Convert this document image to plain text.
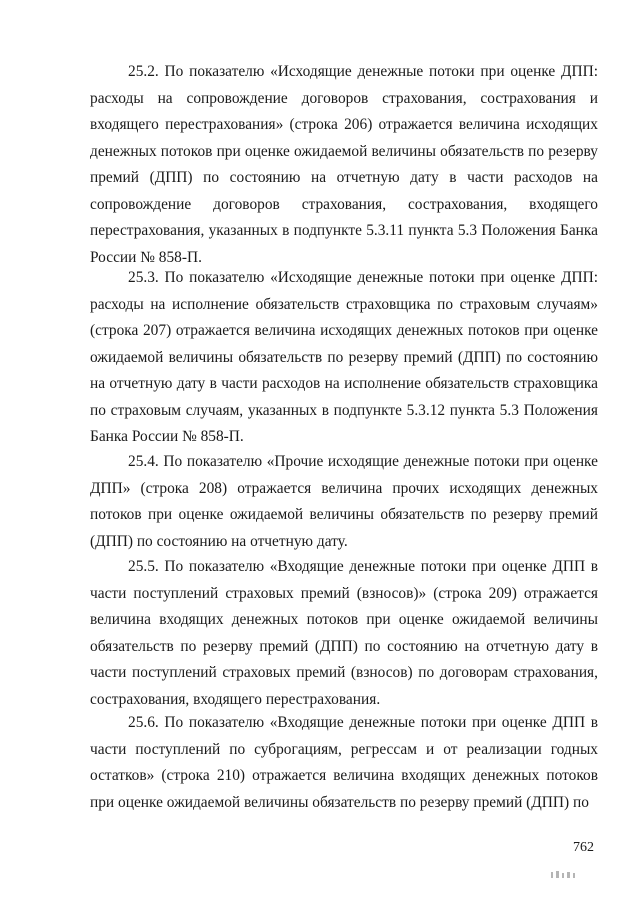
25.2. По показателю «Исходящие денежные потоки при оценке ДПП: расходы на сопровождение договоров страхования, сострахования и входящего перестрахования» (строка 206) отражается величина исходящих денежных потоков при оценке ожидаемой величины обязательств по резерву премий (ДПП) по состоянию на отчетную дату в части расходов на сопровождение договоров страхования, сострахования, входящего перестрахования, указанных в подпункте 5.3.11 пункта 5.3 Положения Банка России № 858-П.

25.3. По показателю «Исходящие денежные потоки при оценке ДПП: расходы на исполнение обязательств страховщика по страховым случаям» (строка 207) отражается величина исходящих денежных потоков при оценке ожидаемой величины обязательств по резерву премий (ДПП) по состоянию на отчетную дату в части расходов на исполнение обязательств страховщика по страховым случаям, указанных в подпункте 5.3.12 пункта 5.3 Положения Банка России № 858-П.

25.4. По показателю «Прочие исходящие денежные потоки при оценке ДПП» (строка 208) отражается величина прочих исходящих денежных потоков при оценке ожидаемой величины обязательств по резерву премий (ДПП) по состоянию на отчетную дату.

25.5. По показателю «Входящие денежные потоки при оценке ДПП в части поступлений страховых премий (взносов)» (строка 209) отражается величина входящих денежных потоков при оценке ожидаемой величины обязательств по резерву премий (ДПП) по состоянию на отчетную дату в части поступлений страховых премий (взносов) по договорам страхования, сострахования, входящего перестрахования.

25.6. По показателю «Входящие денежные потоки при оценке ДПП в части поступлений по суброгациям, регрессам и от реализации годных остатков» (строка 210) отражается величина входящих денежных потоков при оценке ожидаемой величины обязательств по резерву премий (ДПП) по

762
